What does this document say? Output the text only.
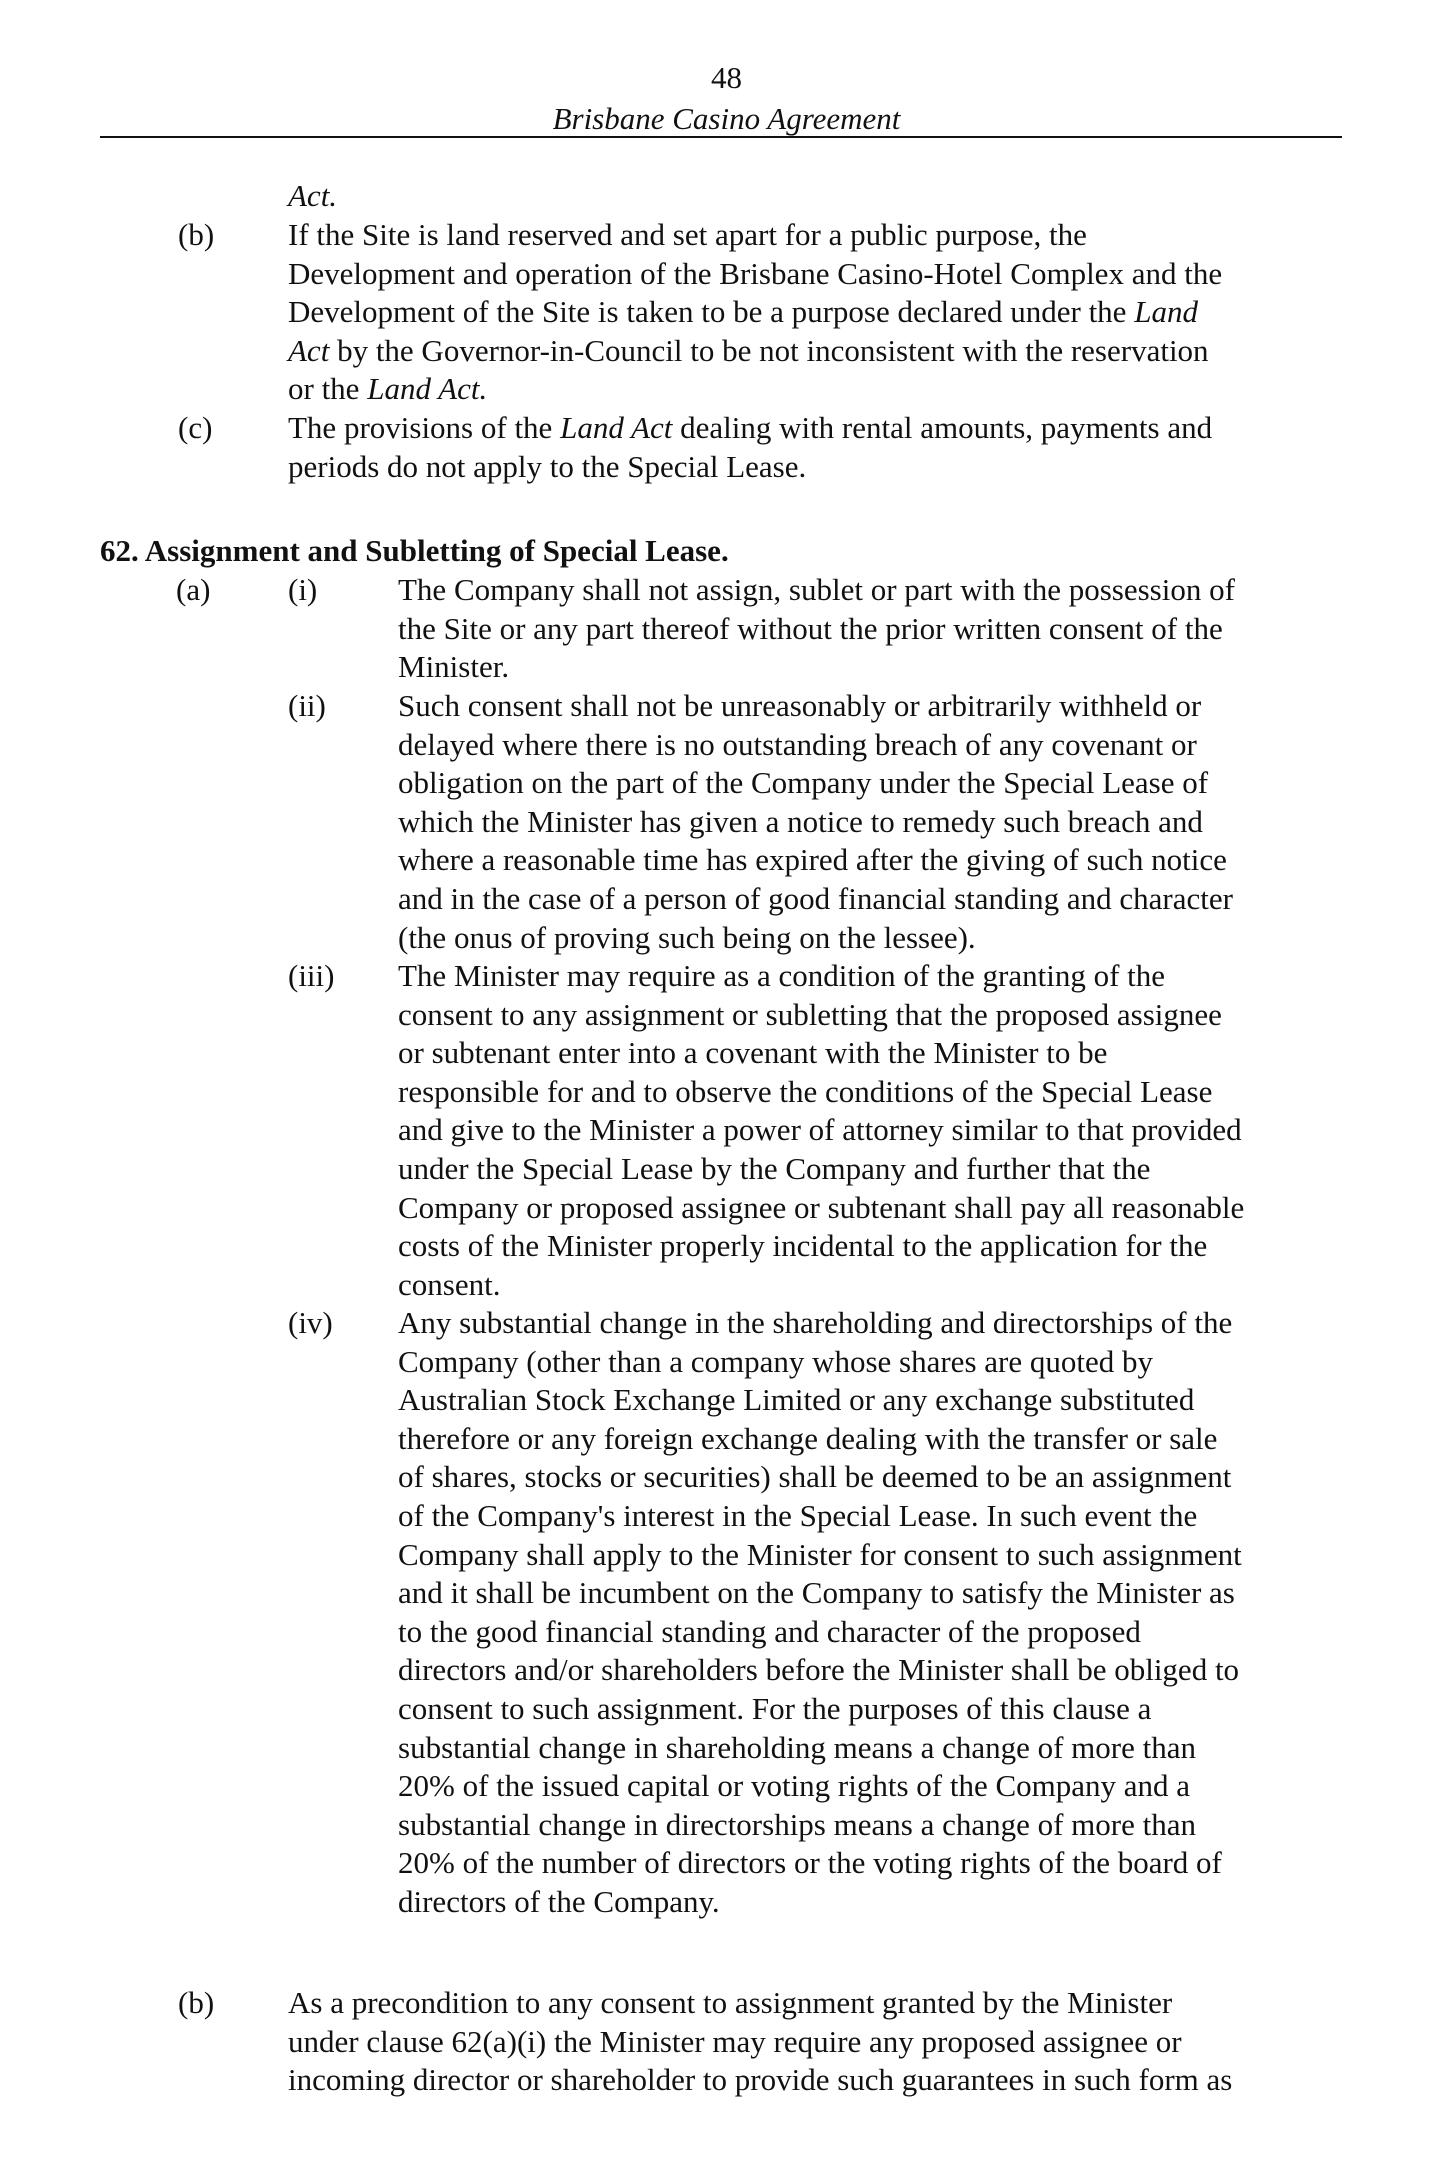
48
Brisbane Casino Agreement
Act.
(b) If the Site is land reserved and set apart for a public purpose, the
Development and operation of the Brisbane Casino-Hotel Complex and the
Development of the Site is taken to be a purpose declared under the Land
Act by the Governor-in-Council to be not inconsistent with the reservation
or the Land Act.
(c) The provisions of the Land Act dealing with rental amounts, payments and
periods do not apply to the Special Lease.
62. Assignment and Subletting of Special Lease.
(a)	(i)	The Company shall not assign, sublet or part with the possession of
the Site or any part thereof without the prior written consent of the
Minister.
(ii) Such consent shall not be unreasonably or arbitrarily withheld or
delayed where there is no outstanding breach of any covenant or
obligation on the part of the Company under the Special Lease of
which the Minister has given a notice to remedy such breach and
where a reasonable time has expired after the giving of such notice
and in the case of a person of good financial standing and character
(the onus of proving such being on the lessee).
(iii) The Minister may require as a condition of the granting of the
consent to any assignment or subletting that the proposed assignee
or subtenant enter into a covenant with the Minister to be
responsible for and to observe the conditions of the Special Lease
and give to the Minister a power of attorney similar to that provided
under the Special Lease by the Company and further that the
Company or proposed assignee or subtenant shall pay all reasonable
costs of the Minister properly incidental to the application for the
consent.
(iv) Any substantial change in the shareholding and directorships of the
Company (other than a company whose shares are quoted by
Australian Stock Exchange Limited or any exchange substituted
therefore or any foreign exchange dealing with the transfer or sale
of shares, stocks or securities) shall be deemed to be an assignment
of the Company's interest in the Special Lease. In such event the
Company shall apply to the Minister for consent to such assignment
and it shall be incumbent on the Company to satisfy the Minister as
to the good financial standing and character of the proposed
directors and/or shareholders before the Minister shall be obliged to
consent to such assignment. For the purposes of this clause a
substantial change in shareholding means a change of more than
20% of the issued capital or voting rights of the Company and a
substantial change in directorships means a change of more than
20% of the number of directors or the voting rights of the board of
directors of the Company.
(b) As a precondition to any consent to assignment granted by the Minister
under clause 62(a)(i) the Minister may require any proposed assignee or
incoming director or shareholder to provide such guarantees in such form as
